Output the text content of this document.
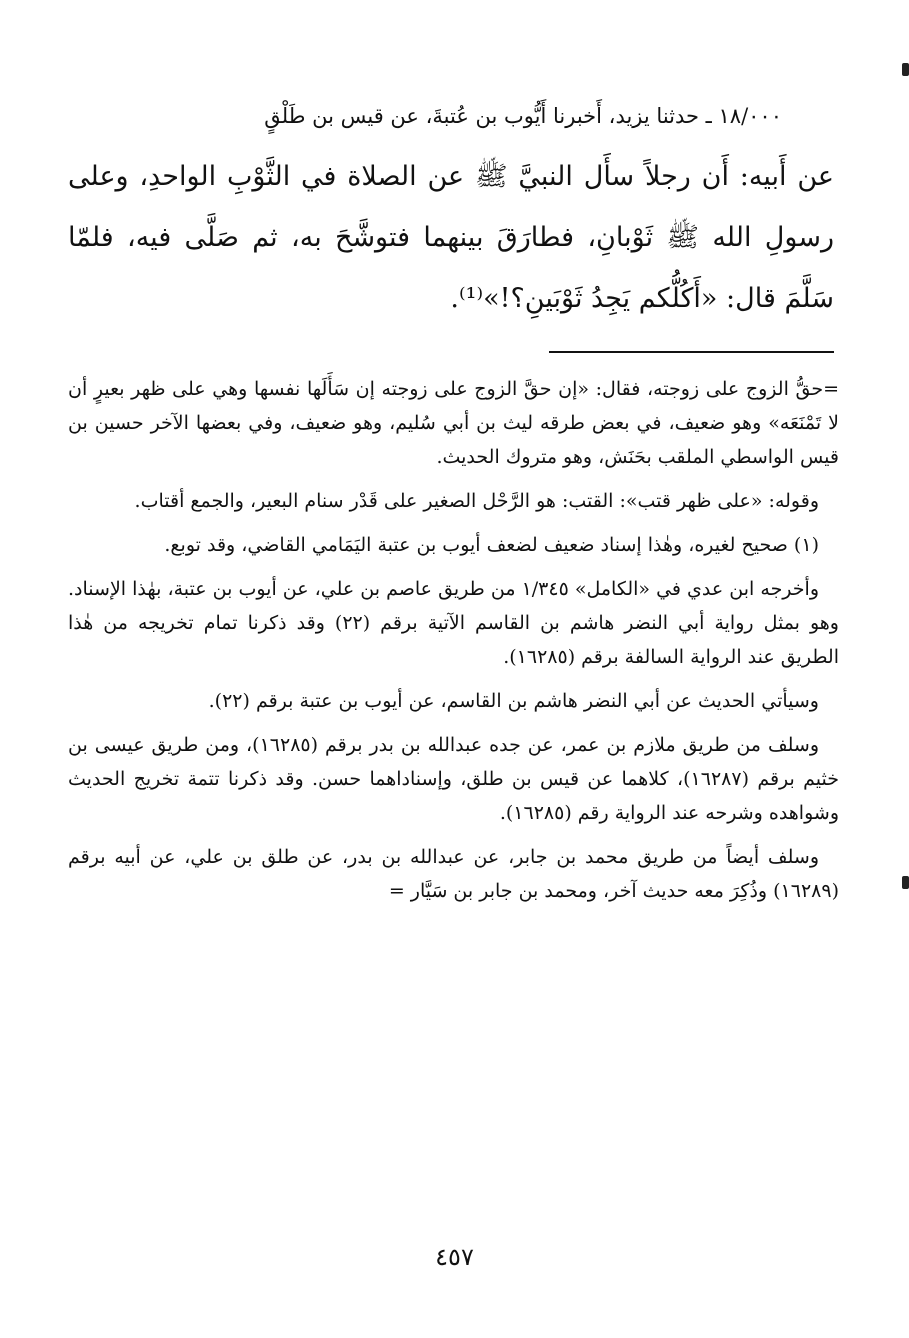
١٨/٠٠٠ ـ حدثنا يزيد، أَخبرنا أَيُّوب بن عُتبةَ، عن قيس بن طَلْقٍ

عن أَبيه: أَن رجلاً سأَل النبيَّ ﷺ عن الصلاة في الثَّوْبِ الواحدِ، وعلى رسولِ الله ﷺ ثَوْبانِ، فطارَقَ بينهما فتوشَّحَ به، ثم صَلَّى فيه، فلمّا سَلَّمَ قال: «أَكُلُّكم يَجِدُ ثَوْبَينِ؟!»⁽¹⁾.

=حقُّ الزوج على زوجته، فقال: «إن حقَّ الزوج على زوجته إن سَأَلَها نفسها وهي على ظهر بعيرٍ أن لا تَمْنَعَه» وهو ضعيف، في بعض طرقه ليث بن أبي سُليم، وهو ضعيف، وفي بعضها الآخر حسين بن قيس الواسطي الملقب بحَنَش، وهو متروك الحديث.

وقوله: «على ظهر قتب»: القتب: هو الرَّحْل الصغير على قَدْر سنام البعير، والجمع أقتاب.

(١) صحيح لغيره، وهٰذا إسناد ضعيف لضعف أيوب بن عتبة اليَمَامي القاضي، وقد توبع.

وأخرجه ابن عدي في «الكامل» ١/٣٤٥ من طريق عاصم بن علي، عن أيوب بن عتبة، بهٰذا الإسناد. وهو بمثل رواية أبي النضر هاشم بن القاسم الآتية برقم (٢٢) وقد ذكرنا تمام تخريجه من هٰذا الطريق عند الرواية السالفة برقم (١٦٢٨٥).

وسيأتي الحديث عن أبي النضر هاشم بن القاسم، عن أيوب بن عتبة برقم (٢٢).

وسلف من طريق ملازم بن عمر، عن جده عبدالله بن بدر برقم (١٦٢٨٥)، ومن طريق عيسى بن خثيم برقم (١٦٢٨٧)، كلاهما عن قيس بن طلق، وإسناداهما حسن. وقد ذكرنا تتمة تخريج الحديث وشواهده وشرحه عند الرواية رقم (١٦٢٨٥).

وسلف أيضاً من طريق محمد بن جابر، عن عبدالله بن بدر، عن طلق بن علي، عن أبيه برقم (١٦٢٨٩) وذُكِرَ معه حديث آخر، ومحمد بن جابر بن سَيَّار =

٤٥٧
